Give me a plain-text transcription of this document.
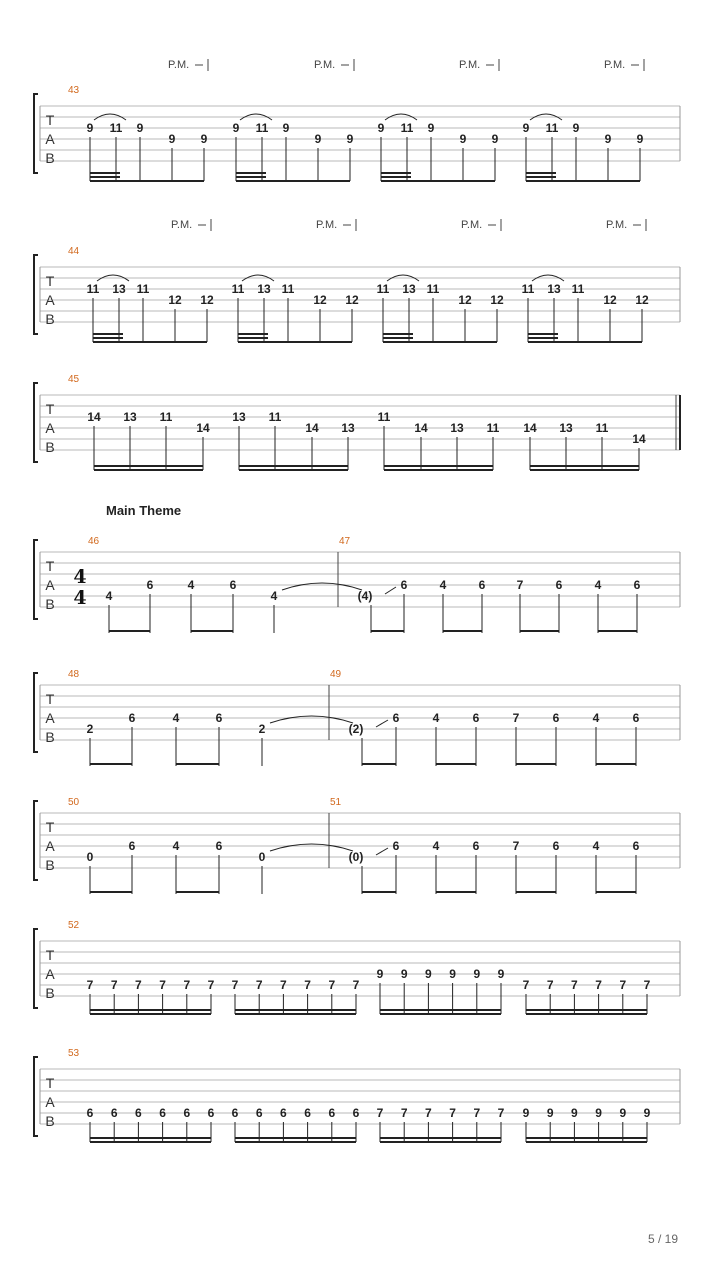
T
A
B
43
9 11 9
9 9
P.M.
9 11 9
9 9
P.M.
9 11 9
9 9
P.M.
9 11 9
9 9
P.M.
T
A
B
44
11 13 11
12 12
P.M.
11 13 11
12 12
P.M.
11 13 11
12 12
P.M.
11 13 11
12 12
P.M.
T
A
B
45
14 13 11
14
13 11
14 13
11
14 13 11 14 13 11
14
Main Theme
T
A
B
46	47
4
4 4
6	4	6
4	(4)
6	4	6	7	6	4	6
T
A
B
48	49
2
6	4	6
2	(2)
6	4	6	7	6	4	6
T
A
B
50	51
0
6	4	6
0	(0)
6	4	6	7	6	4	6
T
A
B
52
7 7 7 7 7 7 7 7 7 7 7 7
9 9 9 9 9 9
7 7 7 7 7 7
T
A
B
53
6 6 6 6 6 6 6 6 6 6 6 6 7 7 7 7 7 7 9 9 9 9 9 9
5 / 19
